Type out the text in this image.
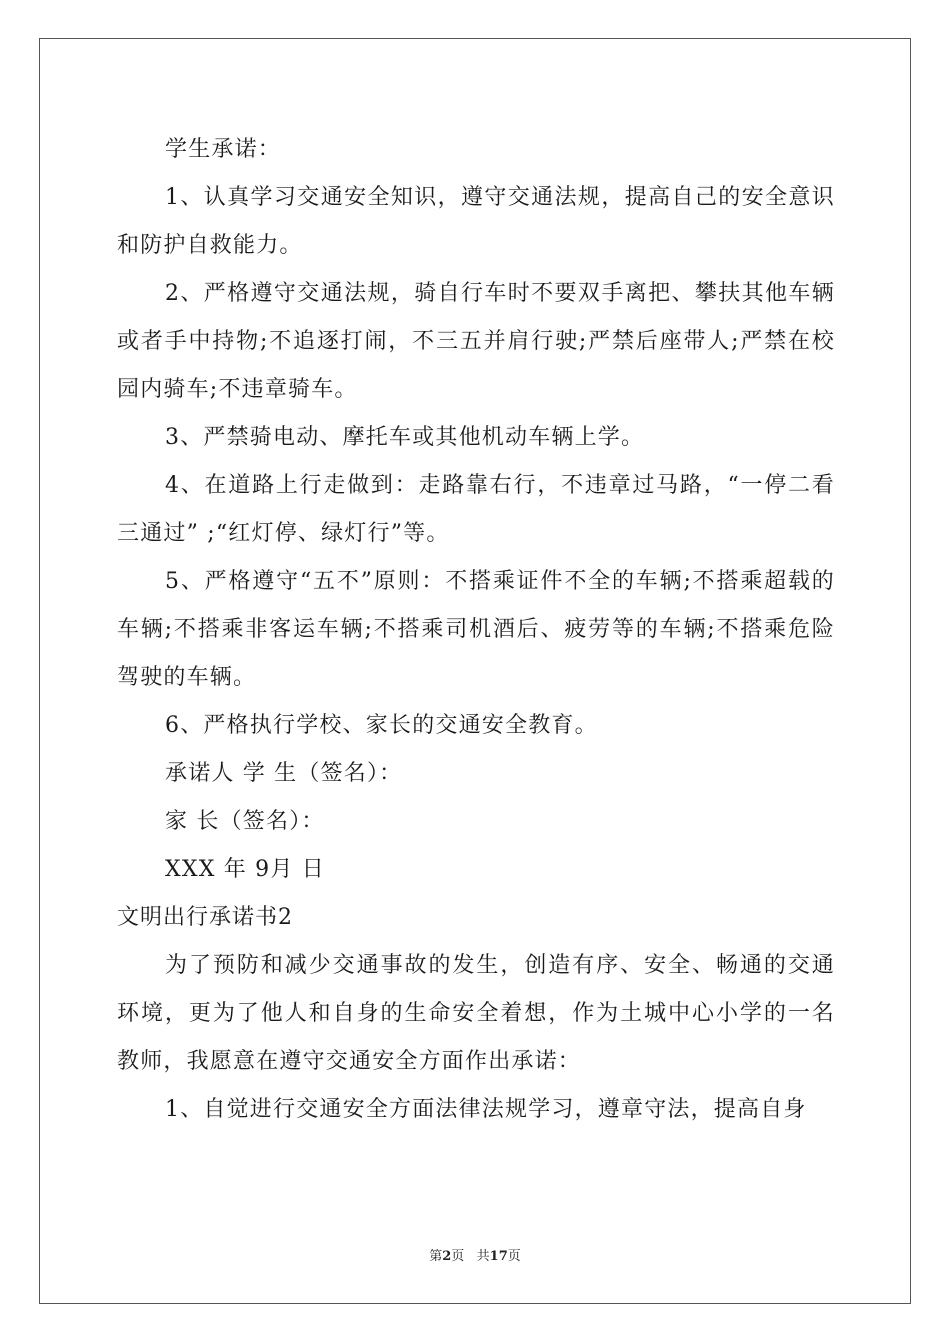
学生承诺：

1、认真学习交通安全知识，遵守交通法规，提高自己的安全意识和防护自救能力。

2、严格遵守交通法规，骑自行车时不要双手离把、攀扶其他车辆或者手中持物;不追逐打闹，不三五并肩行驶;严禁后座带人;严禁在校园内骑车;不违章骑车。

3、严禁骑电动、摩托车或其他机动车辆上学。

4、在道路上行走做到：走路靠右行，不违章过马路，“一停二看三通过” ;“红灯停、绿灯行”等。

5、严格遵守“五不”原则：不搭乘证件不全的车辆;不搭乘超载的车辆;不搭乘非客运车辆;不搭乘司机酒后、疲劳等的车辆;不搭乘危险驾驶的车辆。

6、严格执行学校、家长的交通安全教育。

承诺人 学 生（签名）：

家 长（签名）：

XXX 年 9月 日

文明出行承诺书2

为了预防和减少交通事故的发生，创造有序、安全、畅通的交通环境，更为了他人和自身的生命安全着想，作为土城中心小学的一名教师，我愿意在遵守交通安全方面作出承诺：

1、自觉进行交通安全方面法律法规学习，遵章守法，提高自身

第2页   共17页
